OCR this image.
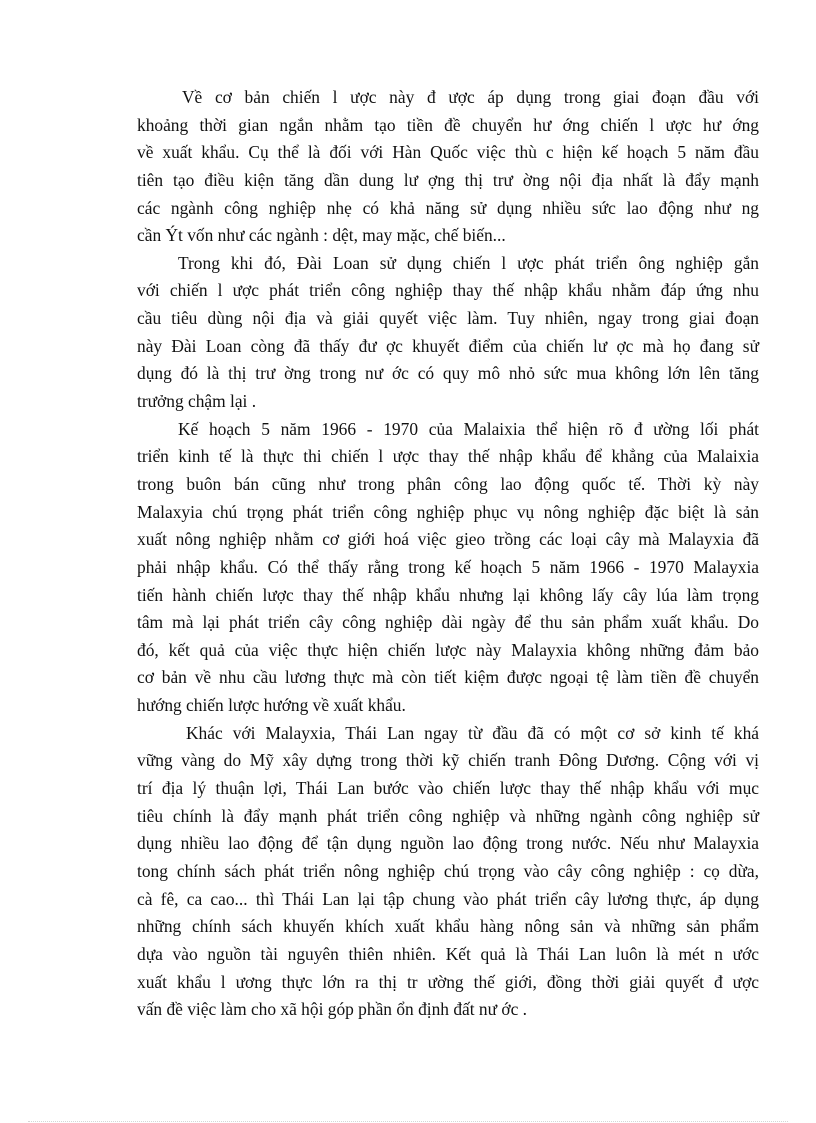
Về cơ bản chiến l ược này đ ược áp dụng trong giai đoạn đầu với
khoảng thời gian ngắn nhằm tạo tiền đề chuyển hư ớng chiến l ược hư ớng
về xuất khẩu. Cụ thể là đối với Hàn Quốc việc thù c hiện kế hoạch 5 năm đầu
tiên tạo điều kiện tăng dần dung lư ợng thị trư ờng nội địa nhất là đẩy mạnh
các ngành công nghiệp nhẹ có khả năng sử dụng nhiều sức lao động như ng
cần Ýt vốn như các ngành : dệt, may mặc, chế biến...
Trong khi đó, Đài Loan sử dụng chiến l ược phát triển ông nghiệp gắn
với chiến l ược phát triển công nghiệp thay thế nhập khẩu nhằm đáp ứng nhu
cầu tiêu dùng nội địa và giải quyết việc làm. Tuy nhiên, ngay trong giai đoạn
này Đài Loan còng đã thấy đư ợc khuyết điểm của chiến lư ợc mà họ đang sử
dụng đó là thị trư ờng trong nư ớc có quy mô nhỏ sức mua không lớn lên tăng
trưởng chậm lại .
Kế hoạch 5 năm 1966 - 1970 của Malaixia thể hiện rõ đ ường lối phát
triển kinh tế là thực thi chiến l ược thay thế nhập khẩu để khẳng của Malaixia
trong buôn bán cũng như trong phân công lao động quốc tế. Thời kỳ này
Malaxyia chú trọng phát triển công nghiệp phục vụ nông nghiệp đặc biệt là sản
xuất nông nghiệp nhằm cơ giới hoá việc gieo trồng các loại cây mà Malayxia đã
phải nhập khẩu. Có thể thấy rằng trong kế hoạch 5 năm 1966 - 1970 Malayxia
tiến hành chiến lược thay thế nhập khẩu nhưng lại không lấy cây lúa làm trọng
tâm mà lại phát triển cây công nghiệp dài ngày để thu sản phẩm xuất khẩu. Do
đó, kết quả của việc thực hiện chiến lược này Malayxia không những đảm bảo
cơ bản về nhu cầu lương thực mà còn tiết kiệm được ngoại tệ làm tiền đề chuyển
hướng chiến lược hướng về xuất khẩu.
Khác với Malayxia, Thái Lan ngay từ đầu đã có một cơ sở kinh tế khá
vững vàng do Mỹ xây dựng trong thời kỹ chiến tranh Đông Dương. Cộng với vị
trí địa lý thuận lợi, Thái Lan bước vào chiến lược thay thế nhập khẩu với mục
tiêu chính là đẩy mạnh phát triển công nghiệp và những ngành công nghiệp sử
dụng nhiều lao động để tận dụng nguồn lao động trong nước. Nếu như Malayxia
tong chính sách phát triển nông nghiệp chú trọng vào cây công nghiệp : cọ dừa,
cà fê, ca cao... thì Thái Lan lại tập chung vào phát triển cây lương thực, áp dụng
những chính sách khuyến khích xuất khẩu hàng nông sản và những sản phẩm
dựa vào nguồn tài nguyên thiên nhiên. Kết quả là Thái Lan luôn là mét n ước
xuất khẩu l ương thực lớn ra thị tr ường thế giới, đồng thời giải quyết đ ược
vấn đề việc làm cho xã hội góp phần ổn định đất nư ớc .
